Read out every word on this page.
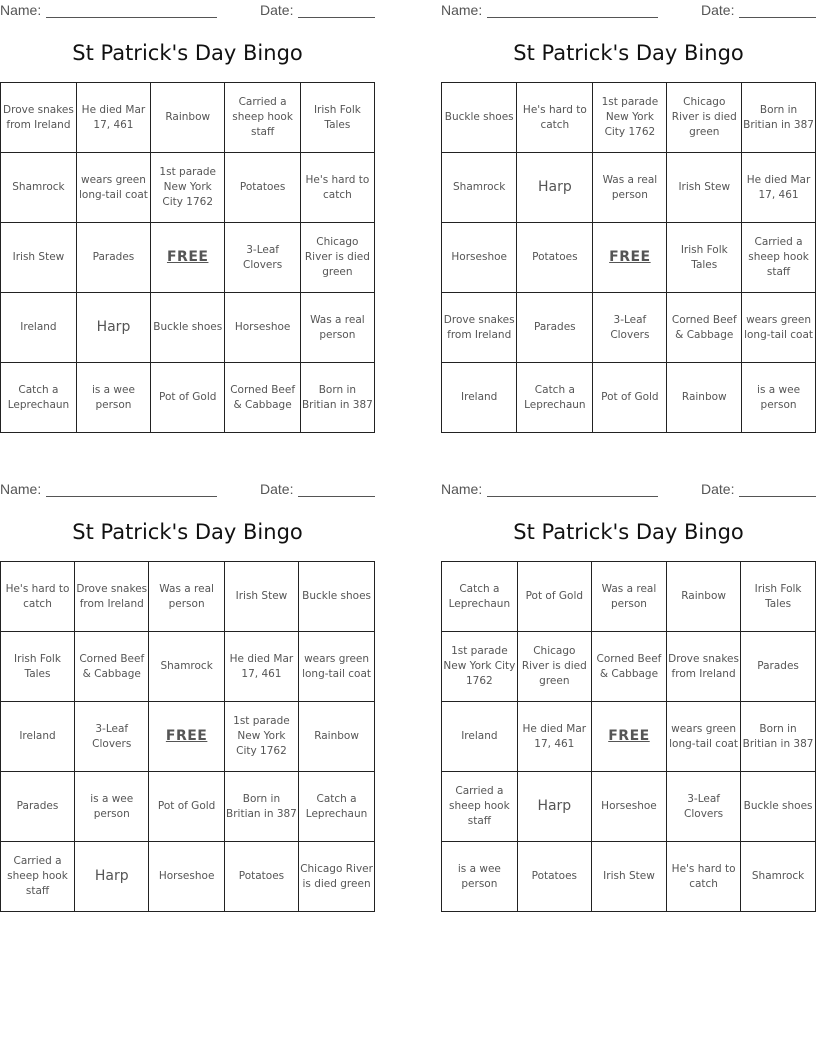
Name:	Date:
St Patrick's Day Bingo
Drove snakes from Ireland	He died Mar 17, 461	Rainbow	Carried a sheep hook staff	Irish Folk Tales
Shamrock	wears green long-tail coat	1st parade New York City 1762	Potatoes	He's hard to catch
Irish Stew	Parades	FREE	3-Leaf Clovers	Chicago River is died green
Ireland	Harp	Buckle shoes	Horseshoe	Was a real person
Catch a Leprechaun	is a wee person	Pot of Gold	Corned Beef & Cabbage	Born in Britian in 387
Name:	Date:
St Patrick's Day Bingo
Buckle shoes	He's hard to catch	1st parade New York City 1762	Chicago River is died green	Born in Britian in 387
Shamrock	Harp	Was a real person	Irish Stew	He died Mar 17, 461
Horseshoe	Potatoes	FREE	Irish Folk Tales	Carried a sheep hook staff
Drove snakes from Ireland	Parades	3-Leaf Clovers	Corned Beef & Cabbage	wears green long-tail coat
Ireland	Catch a Leprechaun	Pot of Gold	Rainbow	is a wee person
Name:	Date:
St Patrick's Day Bingo
He's hard to catch	Drove snakes from Ireland	Was a real person	Irish Stew	Buckle shoes
Irish Folk Tales	Corned Beef & Cabbage	Shamrock	He died Mar 17, 461	wears green long-tail coat
Ireland	3-Leaf Clovers	FREE	1st parade New York City 1762	Rainbow
Parades	is a wee person	Pot of Gold	Born in Britian in 387	Catch a Leprechaun
Carried a sheep hook staff	Harp	Horseshoe	Potatoes	Chicago River is died green
Name:	Date:
St Patrick's Day Bingo
Catch a Leprechaun	Pot of Gold	Was a real person	Rainbow	Irish Folk Tales
1st parade New York City 1762	Chicago River is died green	Corned Beef & Cabbage	Drove snakes from Ireland	Parades
Ireland	He died Mar 17, 461	FREE	wears green long-tail coat	Born in Britian in 387
Carried a sheep hook staff	Harp	Horseshoe	3-Leaf Clovers	Buckle shoes
is a wee person	Potatoes	Irish Stew	He's hard to catch	Shamrock
